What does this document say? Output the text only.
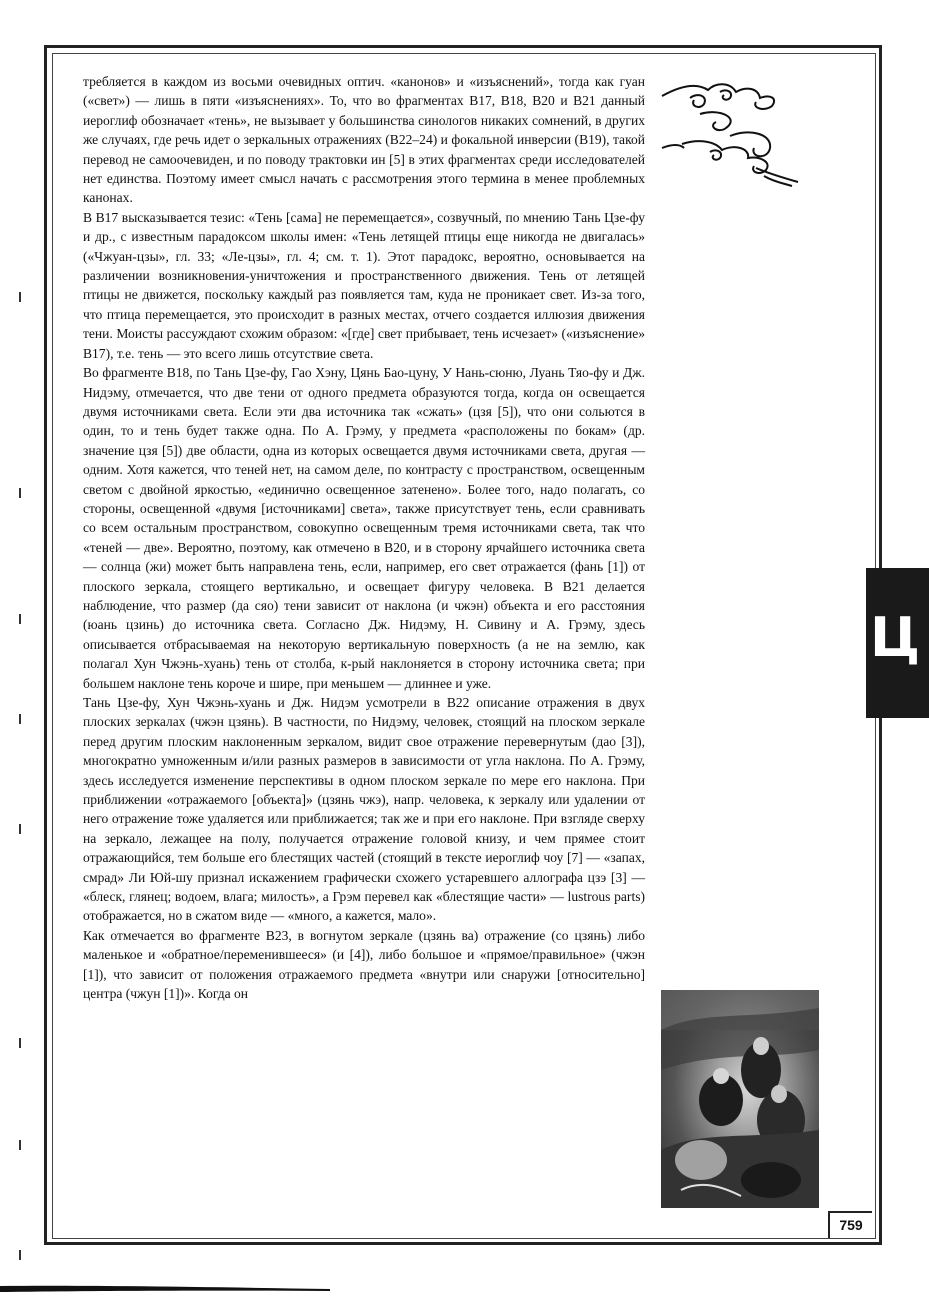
требляется в каждом из восьми очевидных оптич. «канонов» и «изъяснений», тогда как гуан («свет») — лишь в пяти «изъяснениях». То, что во фрагментах В17, В18, В20 и В21 данный иероглиф обозначает «тень», не вызывает у большинства синологов никаких сомнений, в других же случаях, где речь идет о зеркальных отражениях (В22–24) и фокальной инверсии (В19), такой перевод не самоочевиден, и по поводу трактовки ин [5] в этих фрагментах среди исследователей нет единства. Поэтому имеет смысл начать с рассмотрения этого термина в менее проблемных канонах.

В В17 высказывается тезис: «Тень [сама] не перемещается», созвучный, по мнению Тань Цзе-фу и др., с известным парадоксом школы имен: «Тень летящей птицы еще никогда не двигалась» («Чжуан-цзы», гл. 33; «Ле-цзы», гл. 4; см. т. 1). Этот парадокс, вероятно, основывается на различении возникновения-уничтожения и пространственного движения. Тень от летящей птицы не движется, поскольку каждый раз появляется там, куда не проникает свет. Из-за того, что птица перемещается, это происходит в разных местах, отчего создается иллюзия движения тени. Моисты рассуждают схожим образом: «[где] свет прибывает, тень исчезает» («изъяснение» В17), т.е. тень — это всего лишь отсутствие света.

Во фрагменте В18, по Тань Цзе-фу, Гао Хэну, Цянь Бао-цуну, У Нань-сюню, Луань Тяо-фу и Дж. Нидэму, отмечается, что две тени от одного предмета образуются тогда, когда он освещается двумя источниками света. Если эти два источника так «сжать» (цзя [5]), что они сольются в один, то и тень будет также одна. По А. Грэму, у предмета «расположены по бокам» (др. значение цзя [5]) две области, одна из которых освещается двумя источниками света, другая — одним. Хотя кажется, что теней нет, на самом деле, по контрасту с пространством, освещенным светом с двойной яркостью, «единично освещенное затенено». Более того, надо полагать, со стороны, освещенной «двумя [источниками] света», также присутствует тень, если сравнивать со всем остальным пространством, совокупно освещенным тремя источниками света, так что «теней — две». Вероятно, поэтому, как отмечено в В20, и в сторону ярчайшего источника света — солнца (жи) может быть направлена тень, если, например, его свет отражается (фань [1]) от плоского зеркала, стоящего вертикально, и освещает фигуру человека. В В21 делается наблюдение, что размер (да сяо) тени зависит от наклона (и чжэн) объекта и его расстояния (юань цзинь) до источника света. Согласно Дж. Нидэму, Н. Сивину и А. Грэму, здесь описывается отбрасываемая на некоторую вертикальную поверхность (а не на землю, как полагал Хун Чжэнь-хуань) тень от столба, к-рый наклоняется в сторону источника света; при большем наклоне тень короче и шире, при меньшем — длиннее и уже.

Тань Цзе-фу, Хун Чжэнь-хуань и Дж. Нидэм усмотрели в В22 описание отражения в двух плоских зеркалах (чжэн цзянь). В частности, по Нидэму, человек, стоящий на плоском зеркале перед другим плоским наклоненным зеркалом, видит свое отражение перевернутым (дао [3]), многократно умноженным и/или разных размеров в зависимости от угла наклона. По А. Грэму, здесь исследуется изменение перспективы в одном плоском зеркале по мере его наклона. При приближении «отражаемого [объекта]» (цзянь чжэ), напр. человека, к зеркалу или удалении от него отражение тоже удаляется или приближается; так же и при его наклоне. При взгляде сверху на зеркало, лежащее на полу, получается отражение головой книзу, и чем прямее стоит отражающийся, тем больше его блестящих частей (стоящий в тексте иероглиф чоу [7] — «запах, смрад» Ли Юй-шу признал искажением графически схожего устаревшего аллографа цзэ [3] — «блеск, глянец; водоем, влага; милость», а Грэм перевел как «блестящие части» — lustrous parts) отображается, но в сжатом виде — «много, а кажется, мало».

Как отмечается во фрагменте В23, в вогнутом зеркале (цзянь ва) отражение (со цзянь) либо маленькое и «обратное/переменившееся» (и [4]), либо большое и «прямое/правильное» (чжэн [1]), что зависит от положения отражаемого предмета «внутри или снаружи [относительно] центра (чжун [1])». Когда он

Ц
759
